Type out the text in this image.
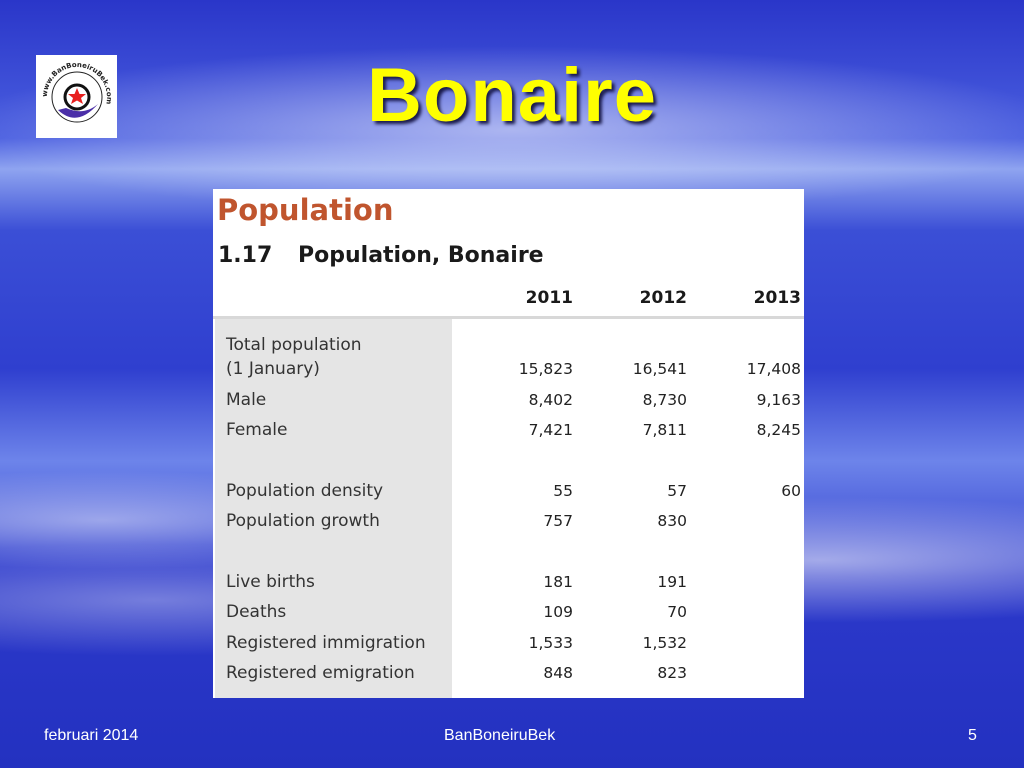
www.BanBoneiruBek.com	Bonaire
Population
1.17 Population, Bonaire
2011	2012	2013
Total population
(1 January)	15,823	16,541	17,408
Male	8,402	8,730	9,163
Female	7,421	7,811	8,245
Population density	55	57	60
Population growth	757	830
Live births	181	191
Deaths	109	70
Registered immigration	1,533	1,532
Registered emigration	848	823
februari 2014	BanBoneiruBek	5
